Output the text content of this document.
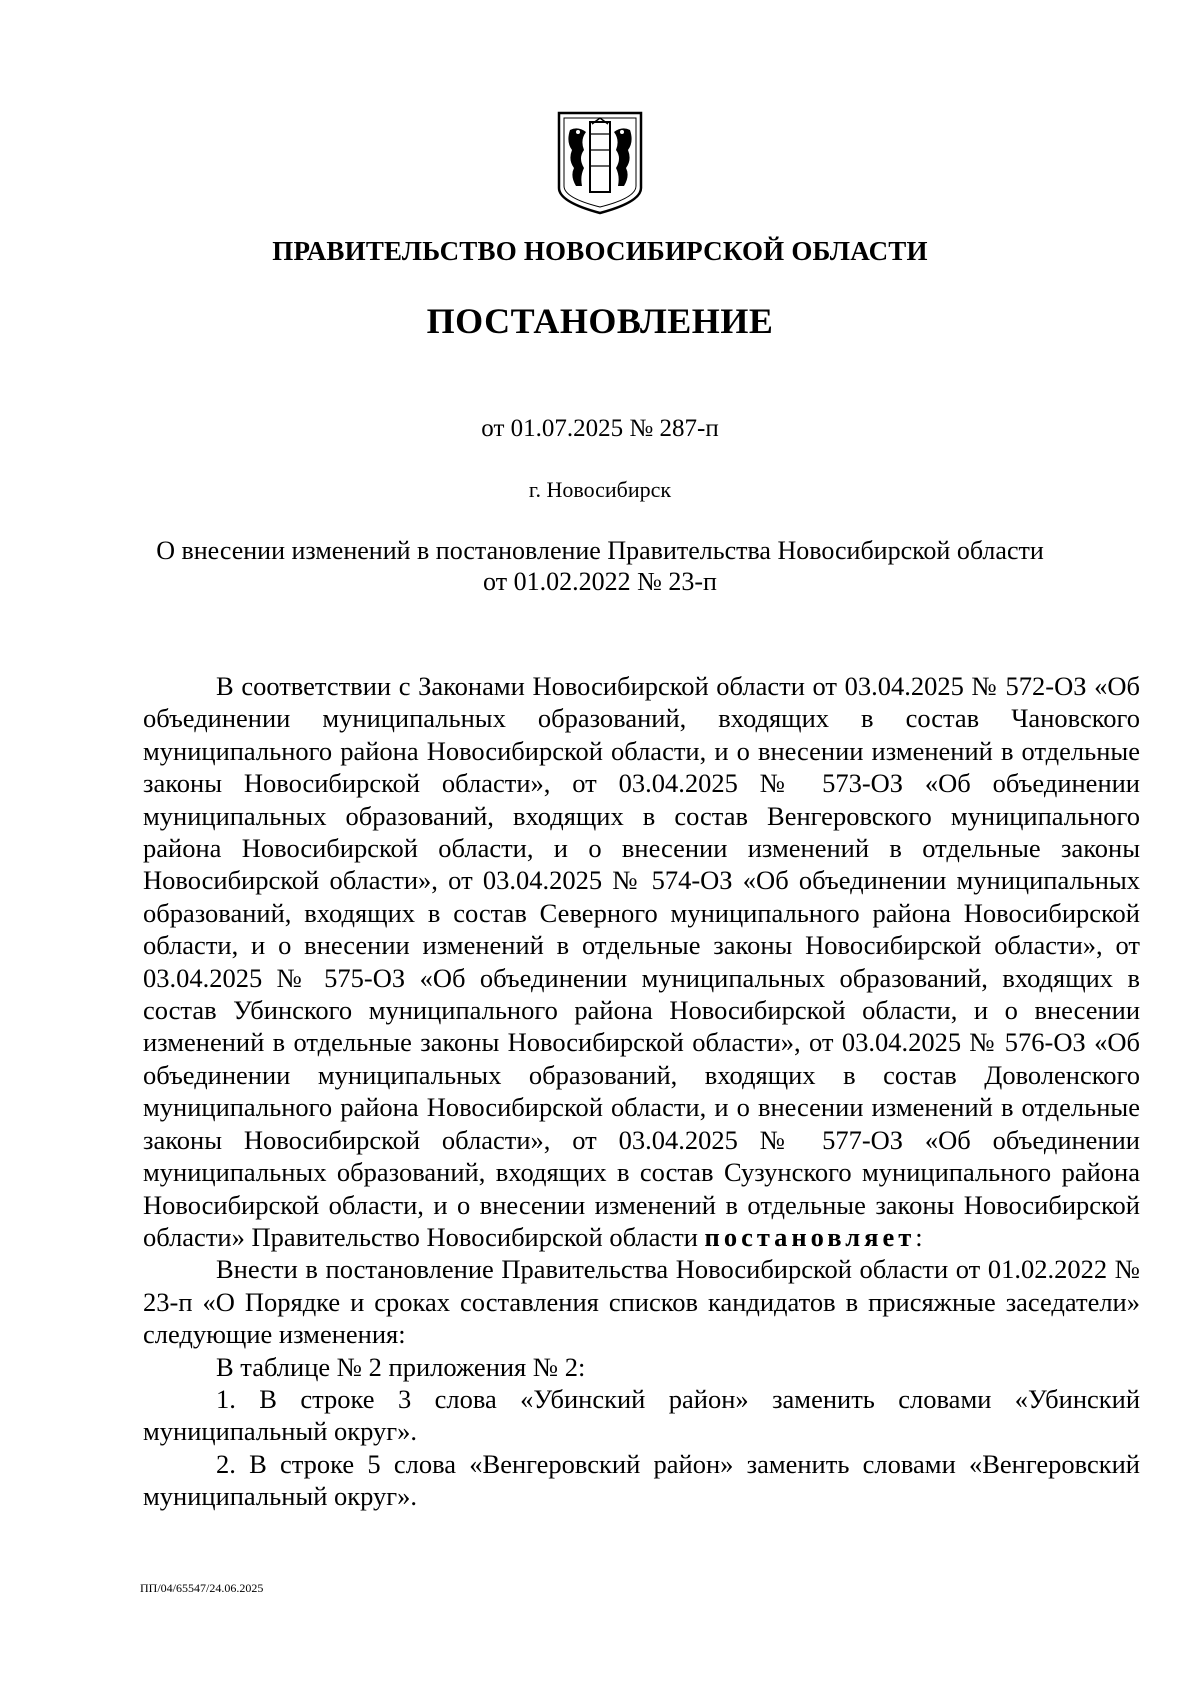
ПРАВИТЕЛЬСТВО НОВОСИБИРСКОЙ ОБЛАСТИ
ПОСТАНОВЛЕНИЕ
от 01.07.2025 № 287-п
г. Новосибирск
О внесении изменений в постановление Правительства Новосибирской области
от 01.02.2022 № 23-п

В соответствии с Законами Новосибирской области от 03.04.2025 № 572-ОЗ «Об объединении муниципальных образований, входящих в состав Чановского муниципального района Новосибирской области, и о внесении изменений в отдельные законы Новосибирской области», от 03.04.2025 № 573-ОЗ «Об объединении муниципальных образований, входящих в состав Венгеровского муниципального района Новосибирской области, и о внесении изменений в отдельные законы Новосибирской области», от 03.04.2025 № 574-ОЗ «Об объединении муниципальных образований, входящих в состав Северного муниципального района Новосибирской области, и о внесении изменений в отдельные законы Новосибирской области», от 03.04.2025 № 575-ОЗ «Об объединении муниципальных образований, входящих в состав Убинского муниципального района Новосибирской области, и о внесении изменений в отдельные законы Новосибирской области», от 03.04.2025 № 576-ОЗ «Об объединении муниципальных образований, входящих в состав Доволенского муниципального района Новосибирской области, и о внесении изменений в отдельные законы Новосибирской области», от 03.04.2025 № 577-ОЗ «Об объединении муниципальных образований, входящих в состав Сузунского муниципального района Новосибирской области, и о внесении изменений в отдельные законы Новосибирской области» Правительство Новосибирской области постановляет:

Внести в постановление Правительства Новосибирской области от 01.02.2022 № 23-п «О Порядке и сроках составления списков кандидатов в присяжные заседатели» следующие изменения:

В таблице № 2 приложения № 2:

1. В строке 3 слова «Убинский район» заменить словами «Убинский муниципальный округ».

2. В строке 5 слова «Венгеровский район» заменить словами «Венгеровский муниципальный округ».

ПП/04/65547/24.06.2025
